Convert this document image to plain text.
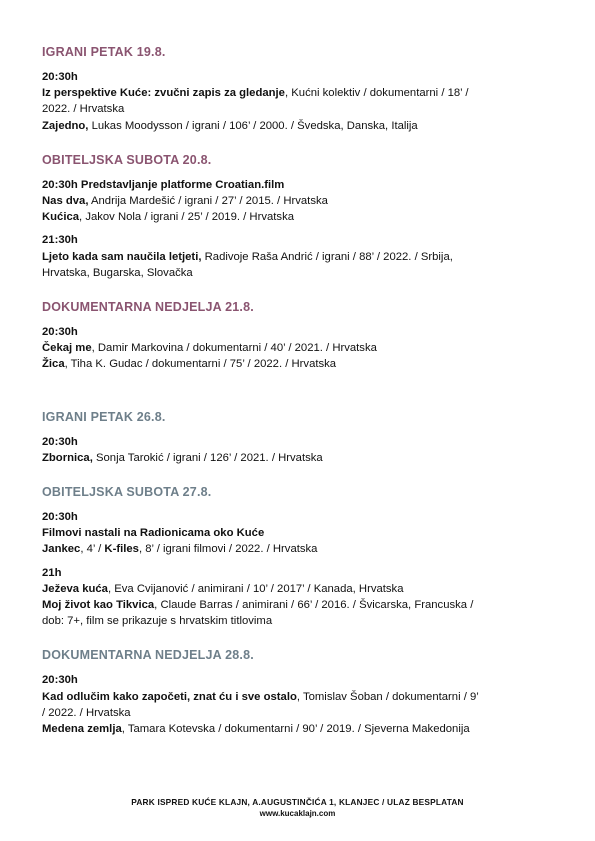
IGRANI PETAK 19.8.
20:30h
Iz perspektive Kuće: zvučni zapis za gledanje, Kućni kolektiv / dokumentarni / 18’ /
2022. / Hrvatska
Zajedno, Lukas Moodysson / igrani / 106’ / 2000. / Švedska, Danska, Italija
OBITELJSKA SUBOTA 20.8.
20:30h Predstavljanje platforme Croatian.film
Nas dva, Andrija Mardešić / igrani / 27’ / 2015. / Hrvatska
Kućica, Jakov Nola / igrani / 25’ / 2019. / Hrvatska
21:30h
Ljeto kada sam naučila letjeti, Radivoje Raša Andrić / igrani / 88’ / 2022. / Srbija,
Hrvatska, Bugarska, Slovačka
DOKUMENTARNA NEDJELJA 21.8.
20:30h
Čekaj me, Damir Markovina / dokumentarni / 40’ / 2021. / Hrvatska
Žica, Tiha K. Gudac / dokumentarni / 75’ / 2022. / Hrvatska
IGRANI PETAK 26.8.
20:30h
Zbornica, Sonja Tarokić / igrani / 126’ / 2021. / Hrvatska
OBITELJSKA SUBOTA 27.8.
20:30h
Filmovi nastali na Radionicama oko Kuće
Jankec, 4’ / K-files, 8’ / igrani filmovi / 2022. / Hrvatska
21h
Ježeva kuća, Eva Cvijanović / animirani / 10’ / 2017’ / Kanada, Hrvatska
Moj život kao Tikvica, Claude Barras / animirani / 66’ / 2016. / Švicarska, Francuska /
dob: 7+, film se prikazuje s hrvatskim titlovima
DOKUMENTARNA NEDJELJA 28.8.
20:30h
Kad odlučim kako započeti, znat ću i sve ostalo, Tomislav Šoban / dokumentarni / 9’
/ 2022. / Hrvatska
Medena zemlja, Tamara Kotevska / dokumentarni / 90’ / 2019. / Sjeverna Makedonija
PARK ISPRED KUĆE KLAJN, A.AUGUSTINČIĆA 1, KLANJEC / ULAZ BESPLATAN
www.kucaklajn.com
